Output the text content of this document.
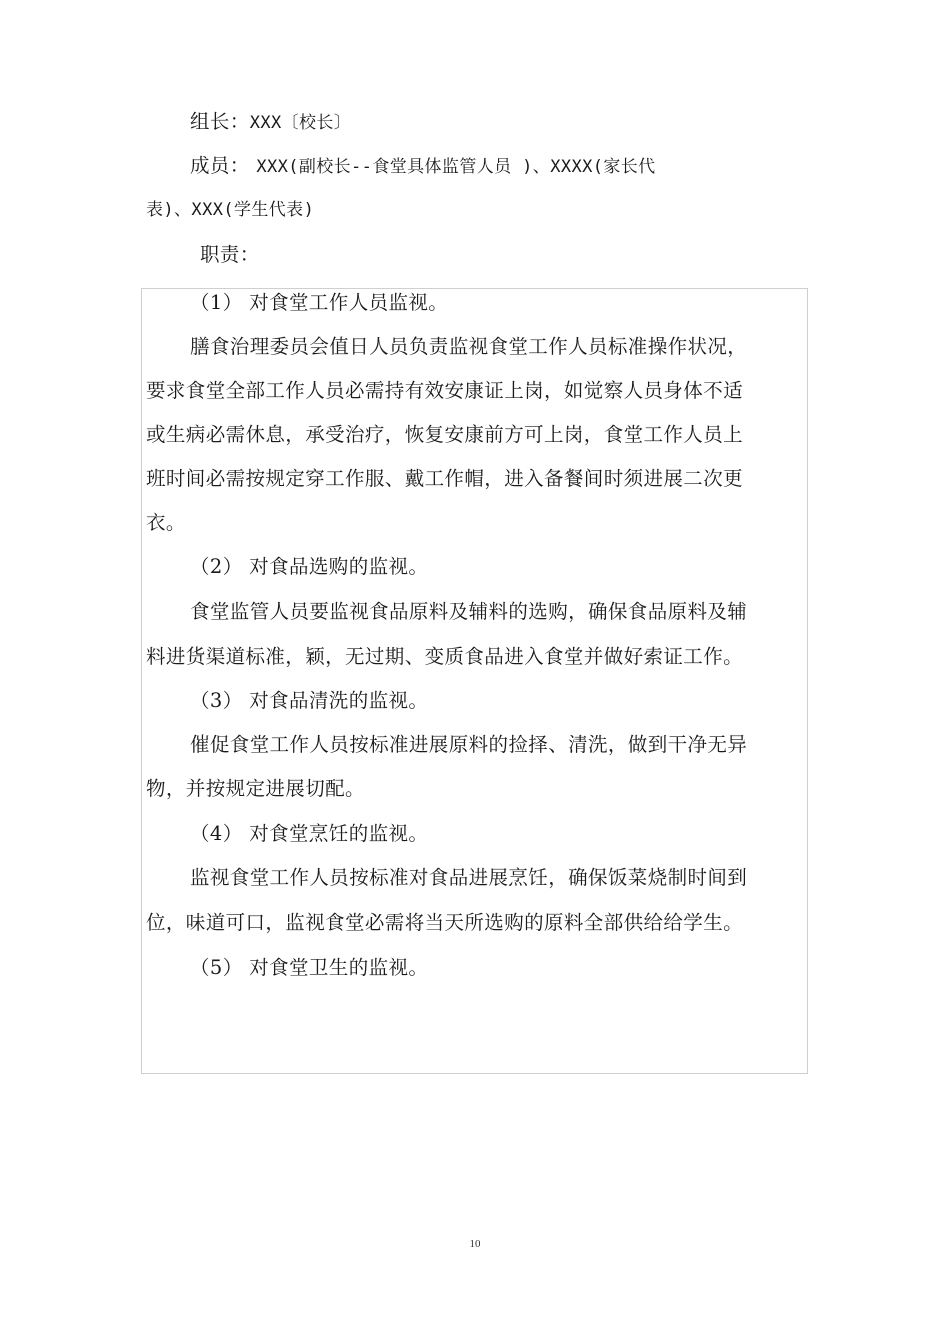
组长：XXX〔校长〕
成员： XXX(副校长--食堂具体监管人员 )、XXXX(家长代
表)、XXX(学生代表)
职责：
（1） 对食堂工作人员监视。
膳食治理委员会值日人员负责监视食堂工作人员标准操作状况，
要求食堂全部工作人员必需持有效安康证上岗，如觉察人员身体不适
或生病必需休息，承受治疗，恢复安康前方可上岗，食堂工作人员上
班时间必需按规定穿工作服、戴工作帽，进入备餐间时须进展二次更
衣。
（2） 对食品选购的监视。
食堂监管人员要监视食品原料及辅料的选购，确保食品原料及辅
料进货渠道标准，颖，无过期、变质食品进入食堂并做好索证工作。
（3） 对食品清洗的监视。
催促食堂工作人员按标准进展原料的捡择、清洗，做到干净无异
物，并按规定进展切配。
（4） 对食堂烹饪的监视。
监视食堂工作人员按标准对食品进展烹饪，确保饭菜烧制时间到
位，味道可口，监视食堂必需将当天所选购的原料全部供给给学生。
（5） 对食堂卫生的监视。
10
